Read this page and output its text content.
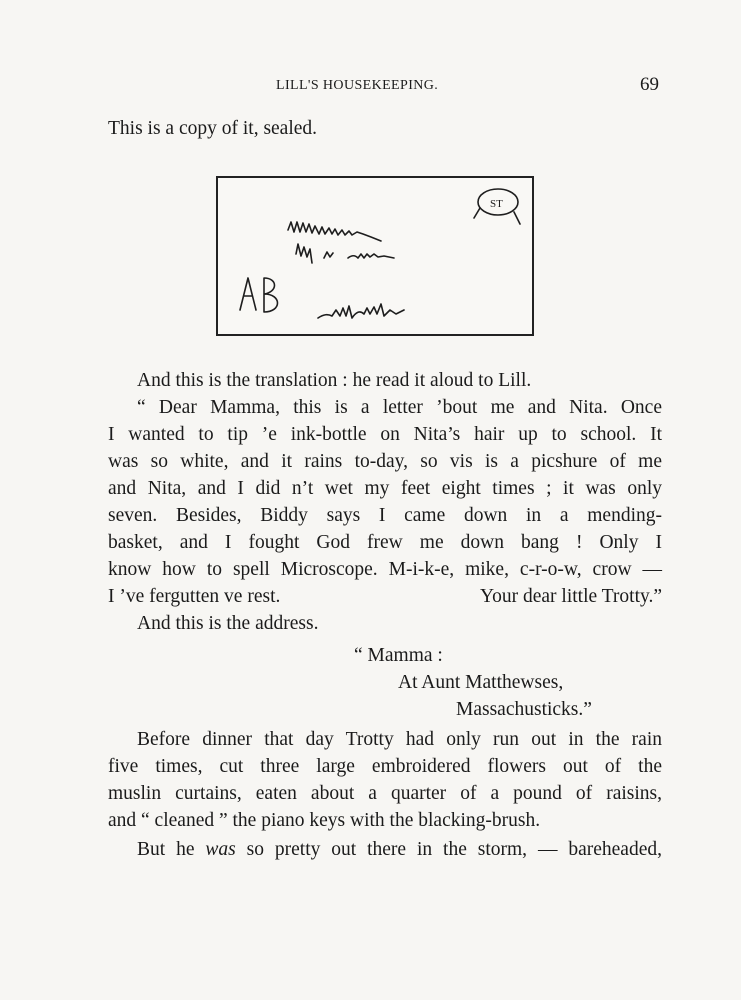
LILL'S HOUSEKEEPING.	69
This is a copy of it, sealed.
ST
And this is the translation : he read it aloud to Lill.
“ Dear Mamma, this is a letter ’bout me and Nita. Once
I wanted to tip ’e ink-bottle on Nita’s hair up to school. It
was so white, and it rains to-day, so vis is a picshure of me
and Nita, and I did n’t wet my feet eight times ; it was only
seven. Besides, Biddy says I came down in a mending-
basket, and I fought God frew me down bang ! Only I
know how to spell Microscope. M-i-k-e, mike, c-r-o-w, crow —
I ’ve fergutten ve rest.	Your dear little Trotty.”
And this is the address.
“ Mamma :
At Aunt Matthewses,
Massachusticks.”
Before dinner that day Trotty had only run out in the rain
five times, cut three large embroidered flowers out of the
muslin curtains, eaten about a quarter of a pound of raisins,
and “ cleaned ” the piano keys with the blacking-brush.
But he was so pretty out there in the storm, — bareheaded,
